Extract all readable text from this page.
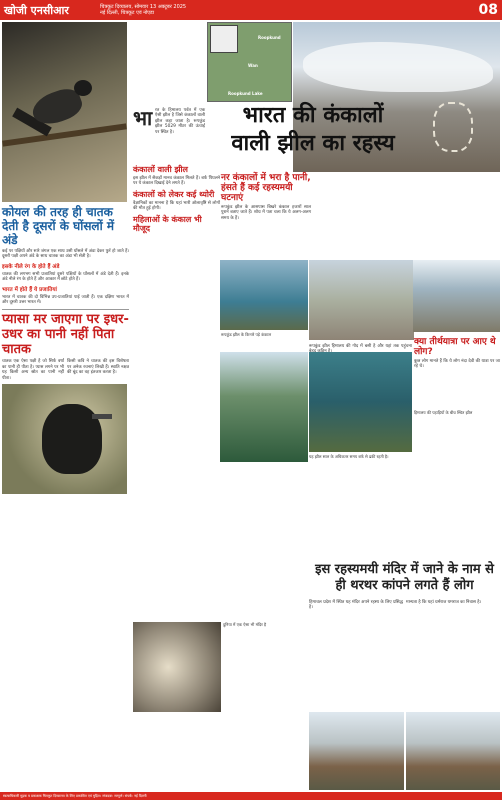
खोजी एनसीआर	चित्रकूट दिव्यालय, सोमवार 13 अक्टूबर 2025
नई दिल्ली, चित्रकूट एवं नोएडा	08
कोयल की तरह ही चातक देती है दूसरों के घोंसलों में अंडे
कई पर पक्षियों और सारे जंगल एक साथ उसी घोंसले में अंडा देकर फुर्र हो जाते हैं। दूसरी पक्षी अपने अंडे के साथ चातक का अंडा भी सेती है।
इसके नीले रंग के होते हैं अंडे
चातक की लगभग सभी प्रजातियां दूसरे पक्षियों के घोंसलों में अंडे देती हैं। इनके अंडे नीले रंग के होते हैं और आकार में छोटे होते हैं।
भारत में होते हैं ये प्रजातियां
भारत में चातक की दो विभिन्न उप-प्रजातियां पाई जाती हैं। एक दक्षिण भारत में और दूसरी उत्तर भारत में।
प्यासा मर जाएगा पर इधर-उधर का पानी नहीं पिता चातक
चातक एक ऐसा पक्षी है जो सिर्फ वर्षा का पानी ही पीता है। प्यास लगने पर भी यह किसी अन्य स्रोत का पानी नहीं पीता।
किसी कवि ने चातक की इस विशेषता पर अनेक रचनाएं लिखी हैं। स्वाति नक्षत्र की बूंद का वह इंतजार करता है।
Roopkund
Wan
Roopkund Lake
भा रत के हिमालय पर्वत में एक ऐसी झील है जिसे कंकालों वाली झील कहा जाता है। रूपकुंड झील 5029 मीटर की ऊंचाई पर स्थित है।
भारत की कंकालों
वाली झील का रहस्य
कंकालों वाली झील
इस झील में सैकड़ों मानव कंकाल मिलते हैं। बर्फ पिघलने पर ये कंकाल दिखाई देने लगते हैं।
कंकालों को लेकर कई थ्योरी
वैज्ञानिकों का मानना है कि यहां भारी ओलावृष्टि से लोगों की मौत हुई होगी।
महिलाओं के कंकाल भी मौजूद
नर कंकालों में भरा है पानी, हंसते हैं कई रहस्यमयी घटनाएं
रूपकुंड झील के आसपास बिखरे कंकाल हजारों साल पुराने बताए जाते हैं। शोध में पता चला कि ये अलग-अलग समय के हैं।
रूपकुंड झील के किनारे पड़े कंकाल
रूपकुंड झील हिमालय की गोद में बसी है और यहां तक पहुंचना
यह झील साल के अधिकतर समय बर्फ से ढकी रहती है।
क्या तीर्थयात्रा पर आए थे लोग?
कुछ लोग मानते हैं कि ये लोग नंदा देवी की यात्रा पर जा रहे थे।
हिमालय की पहाड़ियों के बीच स्थित झील
इस रहस्यमयी मंदिर में जाने के नाम से ही थरथर कांपने लगते हैं लोग
हिमाचल प्रदेश में स्थित यह मंदिर अपने रहस्य के लिए प्रसिद्ध है।
मान्यता है कि यहां धर्मराज यमराज का निवास है।
दुनिया में एक ऐसा भी मंदिर है
स्वत्वाधिकारी मुद्रक व प्रकाशक चित्रकूट दिव्यालय के लिए प्रकाशित एवं मुद्रित। संपादक: सम्पूर्ण। संपर्क: नई दिल्ली
